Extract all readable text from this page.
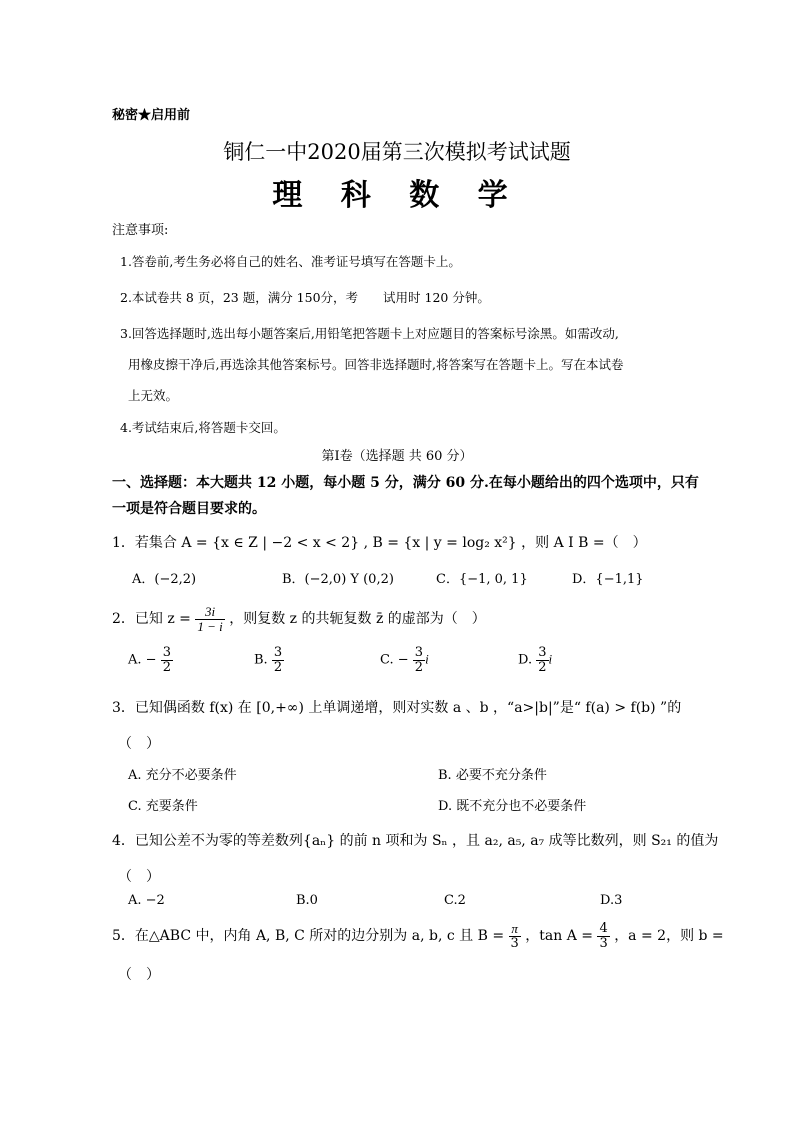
秘密★启用前
铜仁一中2020届第三次模拟考试试题
理 科 数 学
注意事项:
1.答卷前,考生务必将自己的姓名、准考证号填写在答题卡上。
2.本试卷共 8 页，23 题，满分 150分，考　　试用时 120 分钟。
3.回答选择题时,选出每小题答案后,用铅笔把答题卡上对应题目的答案标号涂黑。如需改动,
用橡皮擦干净后,再选涂其他答案标号。回答非选择题时,将答案写在答题卡上。写在本试卷
上无效。
4.考试结束后,将答题卡交回。
第Ⅰ卷（选择题 共 60 分）
一、选择题：本大题共 12 小题，每小题 5 分，满分 60 分.在每小题给出的四个选项中，只有
一项是符合题目要求的。
1．若集合 A = {x ∈ Z | −2 < x < 2} , B = {x | y = log₂ x²} ，则 A I B =（　）
A．(−2,2)	B．(−2,0) Y (0,2)	C．{−1, 0, 1}	D．{−1,1}
2．已知 $z = \frac{3i}{1 - i}$ ，则复数 z 的共轭复数 z̄ 的虚部为（　）
A. − $\frac{3}{2}$	B. $\frac{3}{2}$	C. − $\frac{3}{2}$ i	D. $\frac{3}{2}$ i
3．已知偶函数 f(x) 在 [0,+∞) 上单调递增，则对实数 a 、b ，“a>|b|”是“ f(a) > f(b) ”的
（　）
A. 充分不必要条件	B. 必要不充分条件
C. 充要条件	D. 既不充分也不必要条件
4．已知公差不为零的等差数列{aₙ} 的前 n 项和为 Sₙ ，且 a₂, a₅, a₇ 成等比数列，则 S₂₁ 的值为
（　）
A. −2	B.0	C.2	D.3
5．在△ABC 中，内角 A, B, C 所对的边分别为 a, b, c 且 $B = \frac{\pi}{3}$ ，$\tan A = \frac{4}{3}$ ，a = 2，则 b =
（　）
